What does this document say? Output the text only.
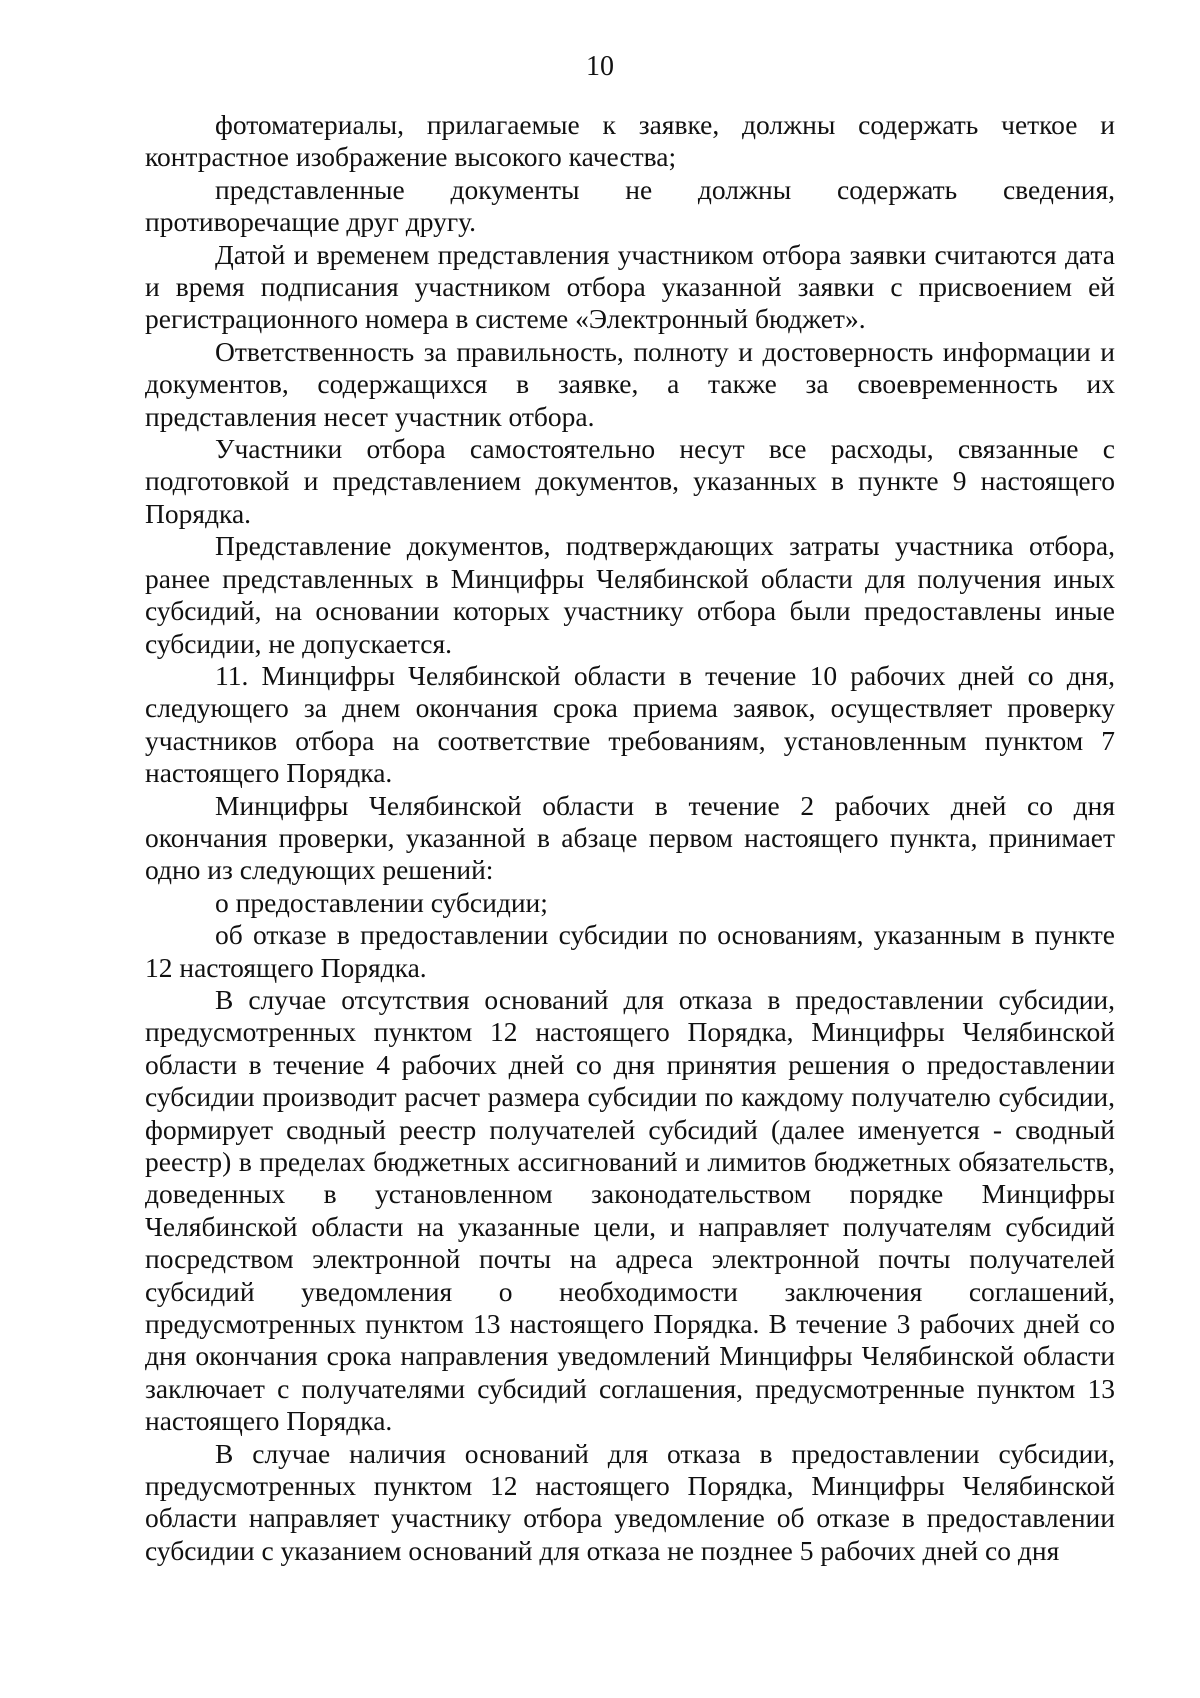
10

фотоматериалы, прилагаемые к заявке, должны содержать четкое и контрастное изображение высокого качества;

представленные документы не должны содержать сведения, противоречащие друг другу.

Датой и временем представления участником отбора заявки считаются дата и время подписания участником отбора указанной заявки с присвоением ей регистрационного номера в системе «Электронный бюджет».

Ответственность за правильность, полноту и достоверность информации и документов, содержащихся в заявке, а также за своевременность их представления несет участник отбора.

Участники отбора самостоятельно несут все расходы, связанные с подготовкой и представлением документов, указанных в пункте 9 настоящего Порядка.

Представление документов, подтверждающих затраты участника отбора, ранее представленных в Минцифры Челябинской области для получения иных субсидий, на основании которых участнику отбора были предоставлены иные субсидии, не допускается.

11. Минцифры Челябинской области в течение 10 рабочих дней со дня, следующего за днем окончания срока приема заявок, осуществляет проверку участников отбора на соответствие требованиям, установленным пунктом 7 настоящего Порядка.

Минцифры Челябинской области в течение 2 рабочих дней со дня окончания проверки, указанной в абзаце первом настоящего пункта, принимает одно из следующих решений:

о предоставлении субсидии;

об отказе в предоставлении субсидии по основаниям, указанным в пункте 12 настоящего Порядка.

В случае отсутствия оснований для отказа в предоставлении субсидии, предусмотренных пунктом 12 настоящего Порядка, Минцифры Челябинской области в течение 4 рабочих дней со дня принятия решения о предоставлении субсидии производит расчет размера субсидии по каждому получателю субсидии, формирует сводный реестр получателей субсидий (далее именуется - сводный реестр) в пределах бюджетных ассигнований и лимитов бюджетных обязательств, доведенных в установленном законодательством порядке Минцифры Челябинской области на указанные цели, и направляет получателям субсидий посредством электронной почты на адреса электронной почты получателей субсидий уведомления о необходимости заключения соглашений, предусмотренных пунктом 13 настоящего Порядка. В течение 3 рабочих дней со дня окончания срока направления уведомлений Минцифры Челябинской области заключает с получателями субсидий соглашения, предусмотренные пунктом 13 настоящего Порядка.

В случае наличия оснований для отказа в предоставлении субсидии, предусмотренных пунктом 12 настоящего Порядка, Минцифры Челябинской области направляет участнику отбора уведомление об отказе в предоставлении субсидии с указанием оснований для отказа не позднее 5 рабочих дней со дня
